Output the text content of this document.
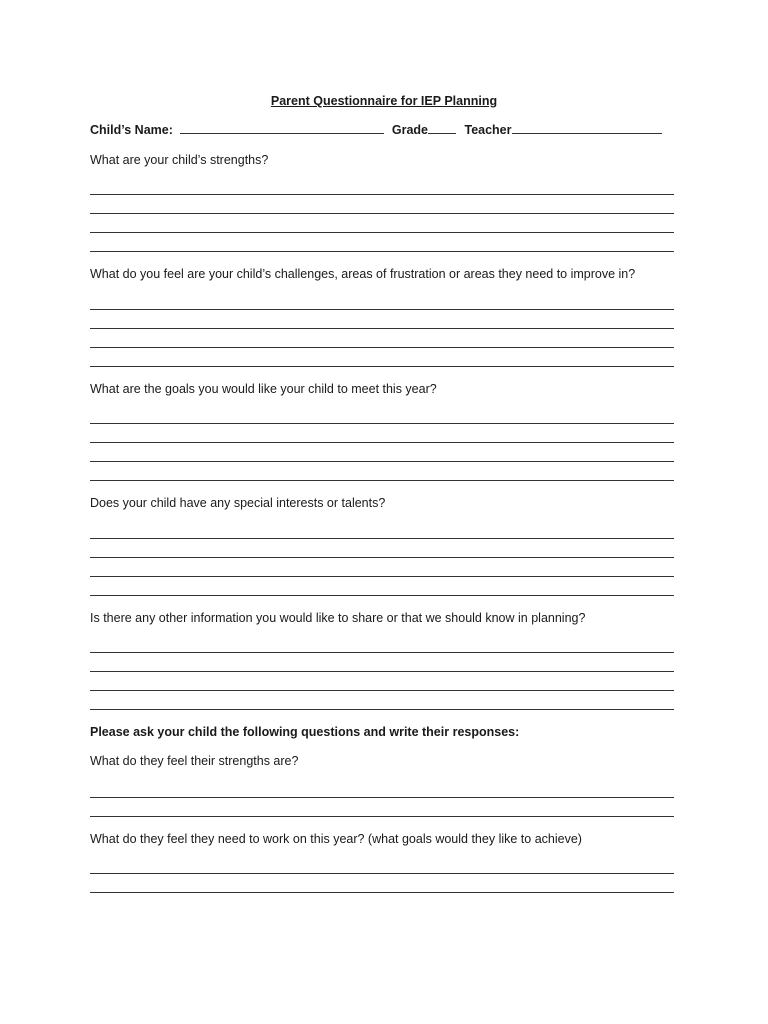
Parent Questionnaire for IEP Planning
Child’s Name:	Grade	Teacher
What are your child’s strengths?
What do you feel are your child’s challenges, areas of frustration or areas they need to improve in?
What are the goals you would like your child to meet this year?
Does your child have any special interests or talents?
Is there any other information you would like to share or that we should know in planning?
Please ask your child the following questions and write their responses:
What do they feel their strengths are?
What do they feel they need to work on this year? (what goals would they like to achieve)
